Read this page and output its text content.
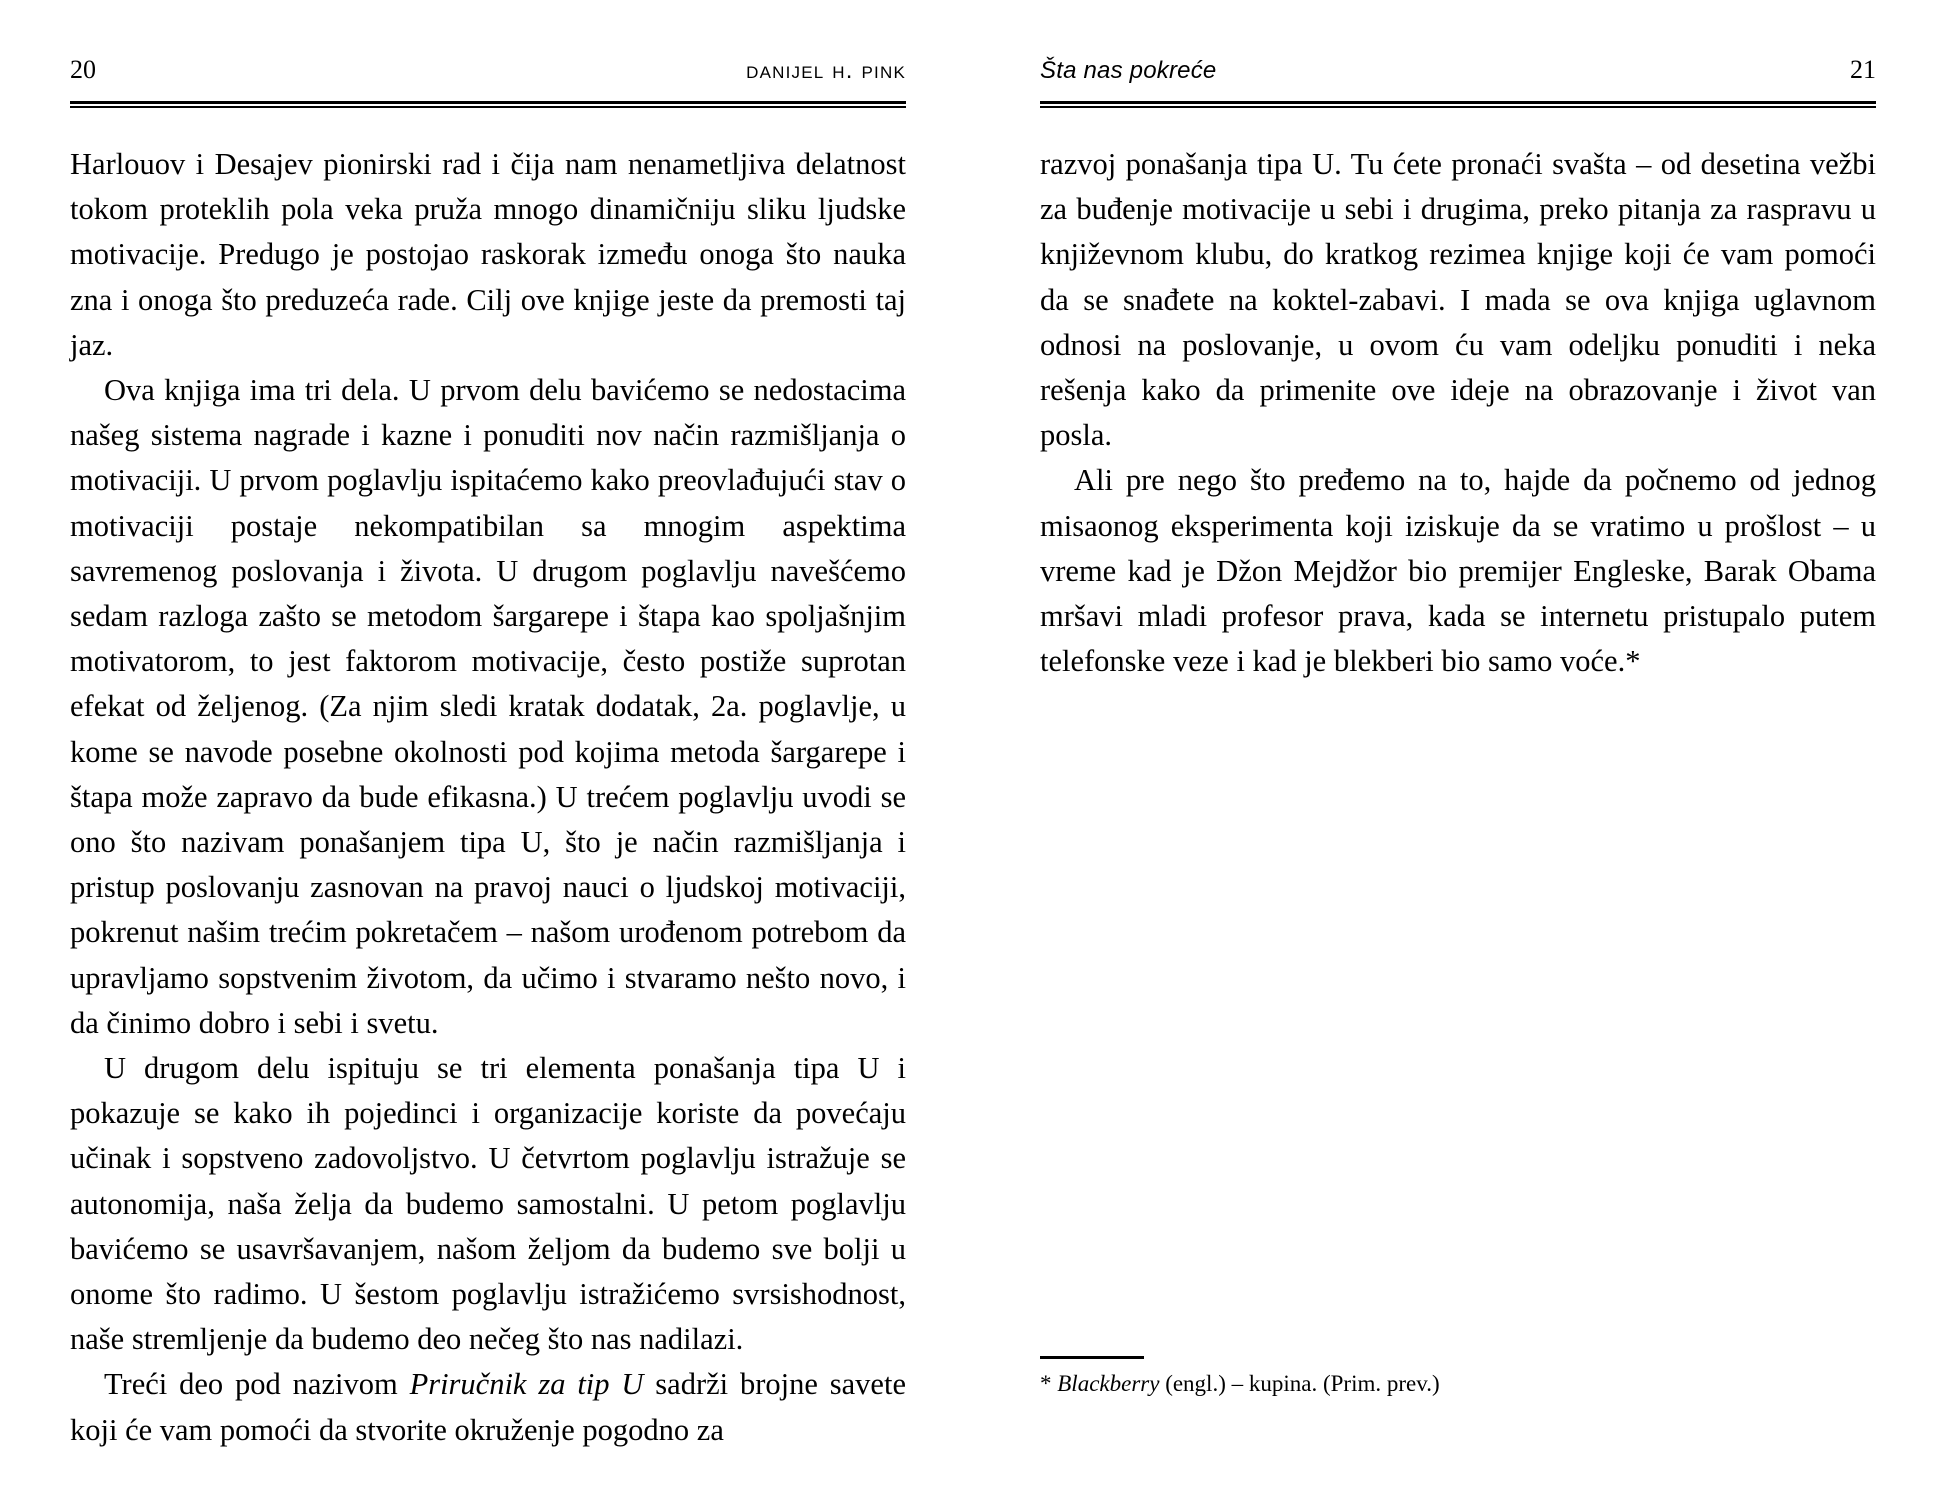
20	danijel h. pink

Harlouov i Desajev pionirski rad i čija nam nenametljiva delatnost tokom proteklih pola veka pruža mnogo dinamičniju sliku ljudske motivacije. Predugo je postojao raskorak između onoga što nauka zna i onoga što preduzeća rade. Cilj ove knjige jeste da premosti taj jaz.

Ova knjiga ima tri dela. U prvom delu bavićemo se nedostacima našeg sistema nagrade i kazne i ponuditi nov način razmišljanja o motivaciji. U prvom poglavlju ispitaćemo kako preovlađujući stav o motivaciji postaje nekompatibilan sa mnogim aspektima savremenog poslovanja i života. U drugom poglavlju navešćemo sedam razloga zašto se metodom šargarepe i štapa kao spoljašnjim motivatorom, to jest faktorom motivacije, često postiže suprotan efekat od željenog. (Za njim sledi kratak dodatak, 2a. poglavlje, u kome se navode posebne okolnosti pod kojima metoda šargarepe i štapa može zapravo da bude efikasna.) U trećem poglavlju uvodi se ono što nazivam ponašanjem tipa U, što je način razmišljanja i pristup poslovanju zasnovan na pravoj nauci o ljudskoj motivaciji, pokrenut našim trećim pokretačem – našom urođenom potrebom da upravljamo sopstvenim životom, da učimo i stvaramo nešto novo, i da činimo dobro i sebi i svetu.

U drugom delu ispituju se tri elementa ponašanja tipa U i pokazuje se kako ih pojedinci i organizacije koriste da povećaju učinak i sopstveno zadovoljstvo. U četvrtom poglavlju istražuje se autonomija, naša želja da budemo samostalni. U petom poglavlju bavićemo se usavršavanjem, našom željom da budemo sve bolji u onome što radimo. U šestom poglavlju istražićemo svrsishodnost, naše stremljenje da budemo deo nečeg što nas nadilazi.

Treći deo pod nazivom Priručnik za tip U sadrži brojne savete koji će vam pomoći da stvorite okruženje pogodno za

Šta nas pokreće	21

razvoj ponašanja tipa U. Tu ćete pronaći svašta – od desetina vežbi za buđenje motivacije u sebi i drugima, preko pitanja za raspravu u književnom klubu, do kratkog rezimea knjige koji će vam pomoći da se snađete na koktel-zabavi. I mada se ova knjiga uglavnom odnosi na poslovanje, u ovom ću vam odeljku ponuditi i neka rešenja kako da primenite ove ideje na obrazovanje i život van posla.

Ali pre nego što pređemo na to, hajde da počnemo od jednog misaonog eksperimenta koji iziskuje da se vratimo u prošlost – u vreme kad je Džon Mejdžor bio premijer Engleske, Barak Obama mršavi mladi profesor prava, kada se internetu pristupalo putem telefonske veze i kad je blekberi bio samo voće.*

* Blackberry (engl.) – kupina. (Prim. prev.)
